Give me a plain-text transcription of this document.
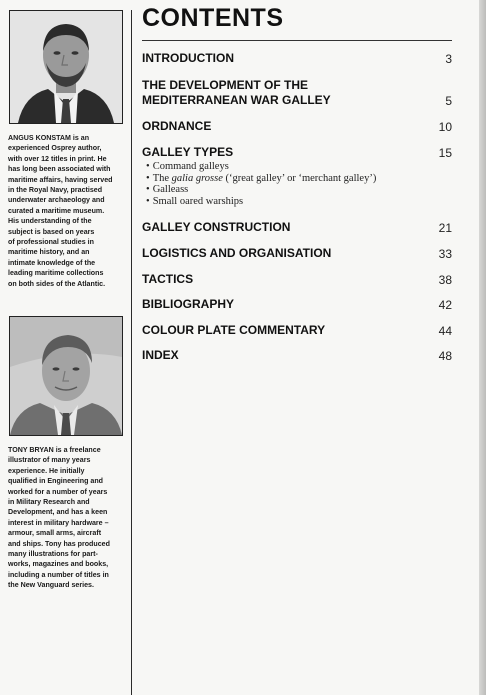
ANGUS KONSTAM is an
experienced Osprey author,
with over 12 titles in print. He
has long been associated with
maritime affairs, having served
in the Royal Navy, practised
underwater archaeology and
curated a maritime museum.
His understanding of the
subject is based on years
of professional studies in
maritime history, and an
intimate knowledge of the
leading maritime collections
on both sides of the Atlantic.

TONY BRYAN is a freelance
illustrator of many years
experience. He initially
qualified in Engineering and
worked for a number of years
in Military Research and
Development, and has a keen
interest in military hardware –
armour, small arms, aircraft
and ships. Tony has produced
many illustrations for part-
works, magazines and books,
including a number of titles in
the New Vanguard series.

CONTENTS
INTRODUCTION	3
THE DEVELOPMENT OF THE
MEDITERRANEAN WAR GALLEY	5
ORDNANCE	10
GALLEY TYPES	15
• Command galleys
• The galia grosse (‘great galley’ or ‘merchant galley’)
• Galleass
• Small oared warships
GALLEY CONSTRUCTION	21
LOGISTICS AND ORGANISATION	33
TACTICS	38
BIBLIOGRAPHY	42
COLOUR PLATE COMMENTARY	44
INDEX	48
